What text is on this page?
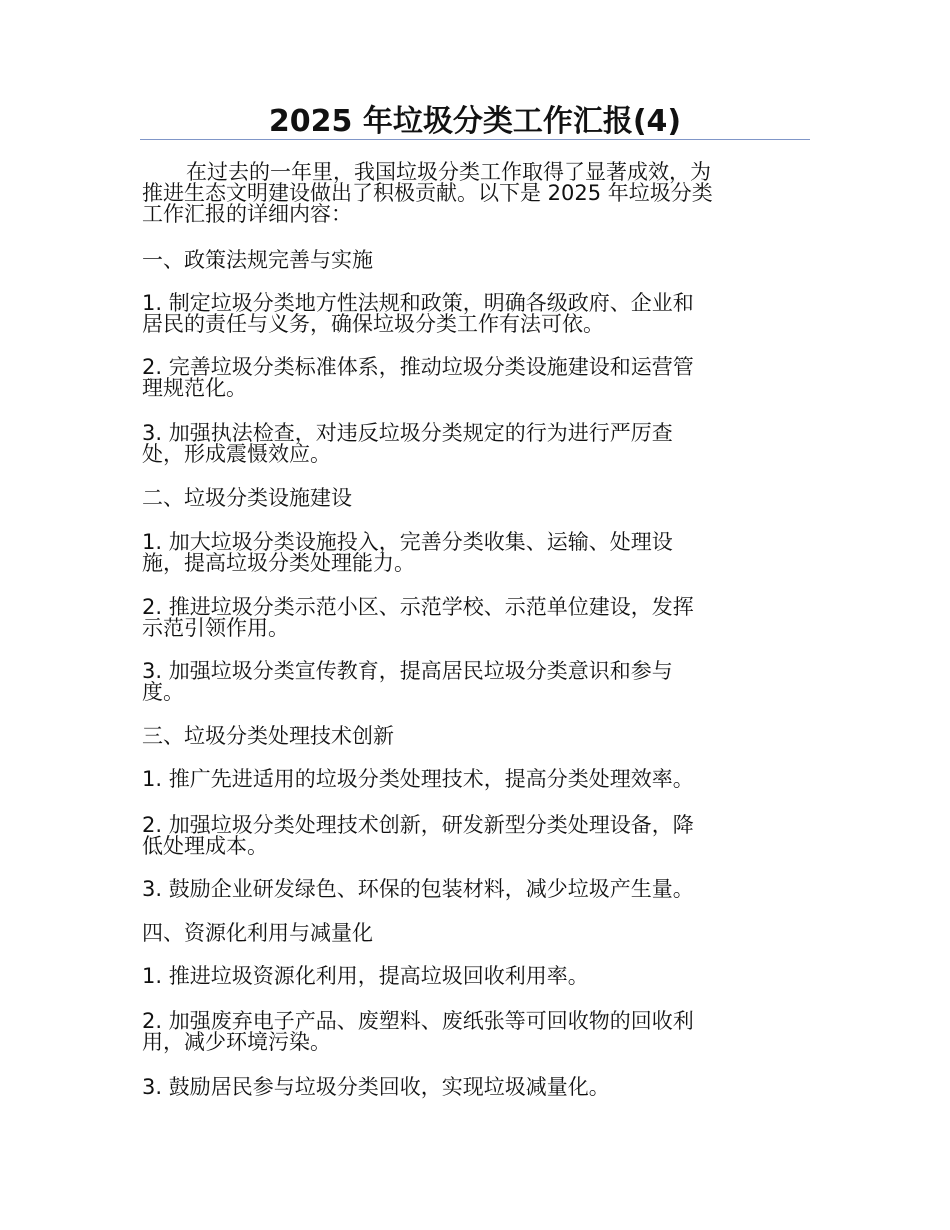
2025 年垃圾分类工作汇报(4)
在过去的一年里，我国垃圾分类工作取得了显著成效，为
推进生态文明建设做出了积极贡献。以下是 2025 年垃圾分类
工作汇报的详细内容：
一、政策法规完善与实施
1. 制定垃圾分类地方性法规和政策，明确各级政府、企业和
居民的责任与义务，确保垃圾分类工作有法可依。
2. 完善垃圾分类标准体系，推动垃圾分类设施建设和运营管
理规范化。
3. 加强执法检查，对违反垃圾分类规定的行为进行严厉查
处，形成震慑效应。
二、垃圾分类设施建设
1. 加大垃圾分类设施投入，完善分类收集、运输、处理设
施，提高垃圾分类处理能力。
2. 推进垃圾分类示范小区、示范学校、示范单位建设，发挥
示范引领作用。
3. 加强垃圾分类宣传教育，提高居民垃圾分类意识和参与
度。
三、垃圾分类处理技术创新
1. 推广先进适用的垃圾分类处理技术，提高分类处理效率。
2. 加强垃圾分类处理技术创新，研发新型分类处理设备，降
低处理成本。
3. 鼓励企业研发绿色、环保的包装材料，减少垃圾产生量。
四、资源化利用与减量化
1. 推进垃圾资源化利用，提高垃圾回收利用率。
2. 加强废弃电子产品、废塑料、废纸张等可回收物的回收利
用，减少环境污染。
3. 鼓励居民参与垃圾分类回收，实现垃圾减量化。
